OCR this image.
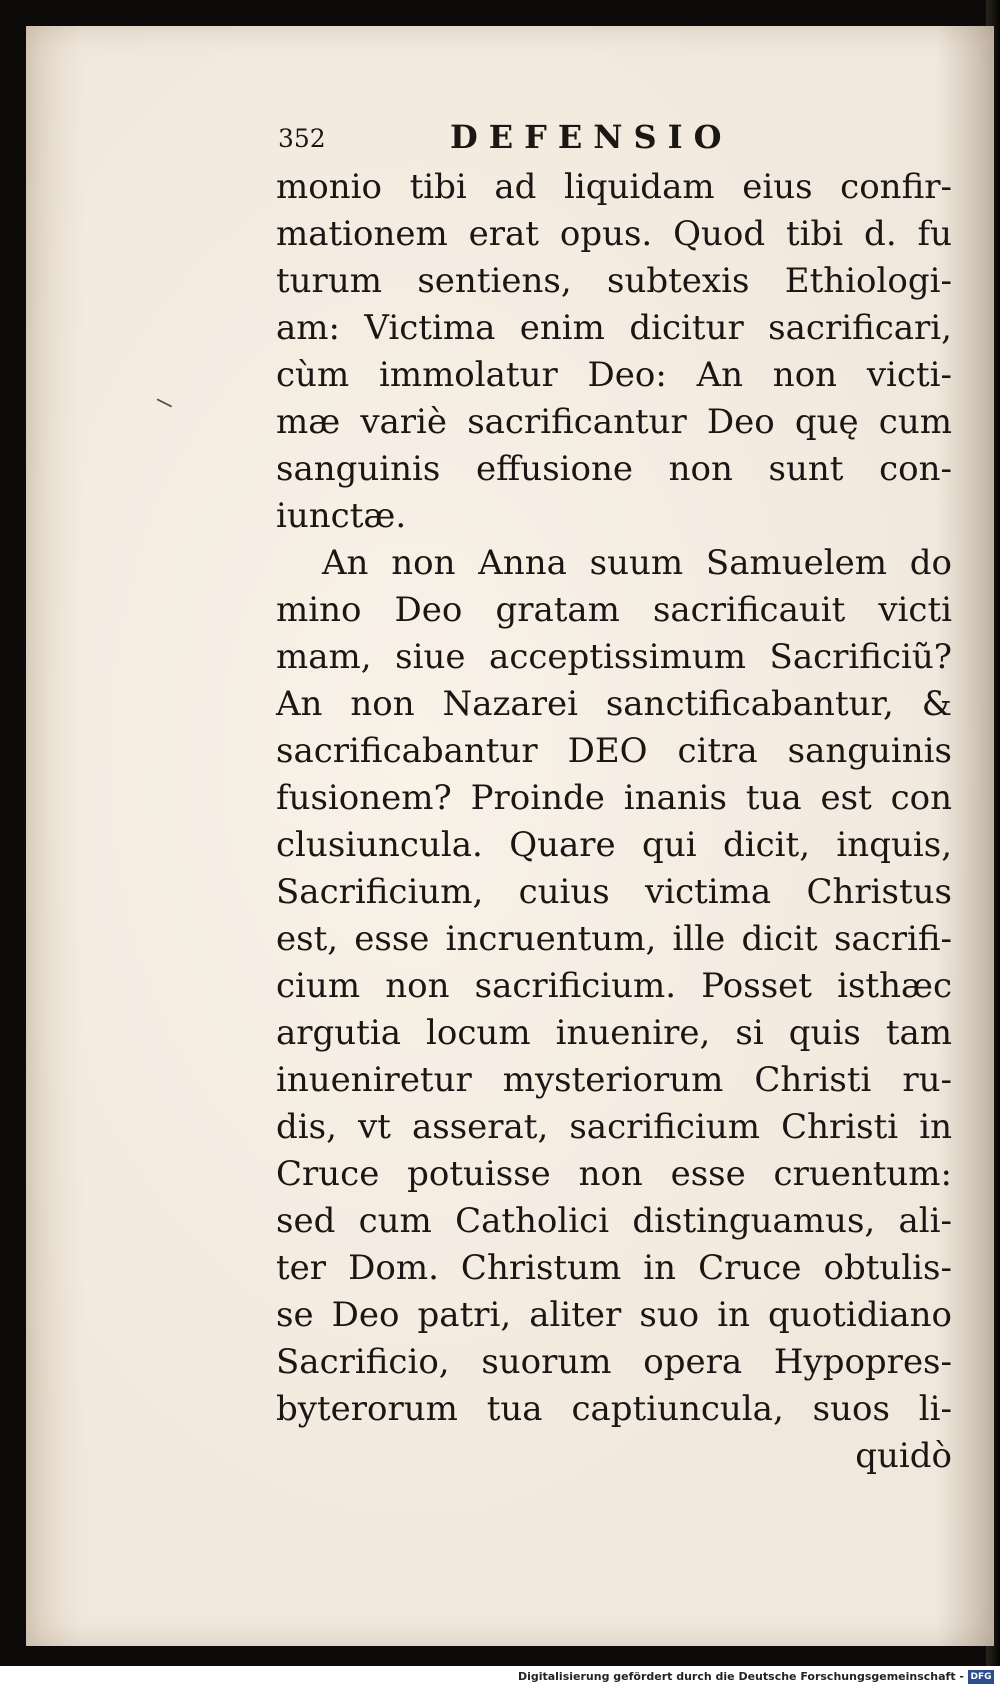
352	DEFENSIO
monio tibi ad liquidam eius confir-
mationem erat opus. Quod tibi d. fu
turum sentiens, subtexis Ethiologi-
am: Victima enim dicitur sacrificari,
cùm immolatur Deo: An non victi-
mæ variè sacrificantur Deo quę cum
sanguinis effusione non sunt con-
iunctæ.
An non Anna suum Samuelem do
mino Deo gratam sacrificauit victi
mam, siue acceptissimum Sacrificiũ?
An non Nazarei sanctificabantur, &
sacrificabantur DEO citra sanguinis
fusionem? Proinde inanis tua est con
clusiuncula. Quare qui dicit, inquis,
Sacrificium, cuius victima Christus
est, esse incruentum, ille dicit sacrifi-
cium non sacrificium. Posset isthæc
argutia locum inuenire, si quis tam
inueniretur mysteriorum Christi ru-
dis, vt asserat, sacrificium Christi in
Cruce potuisse non esse cruentum:
sed cum Catholici distinguamus, ali-
ter Dom. Christum in Cruce obtulis-
se Deo patri, aliter suo in quotidiano
Sacrificio, suorum opera Hypopres-
byterorum tua captiuncula, suos li-
quidò
⸜
Digitalisierung gefördert durch die Deutsche Forschungsgemeinschaft - DFG
